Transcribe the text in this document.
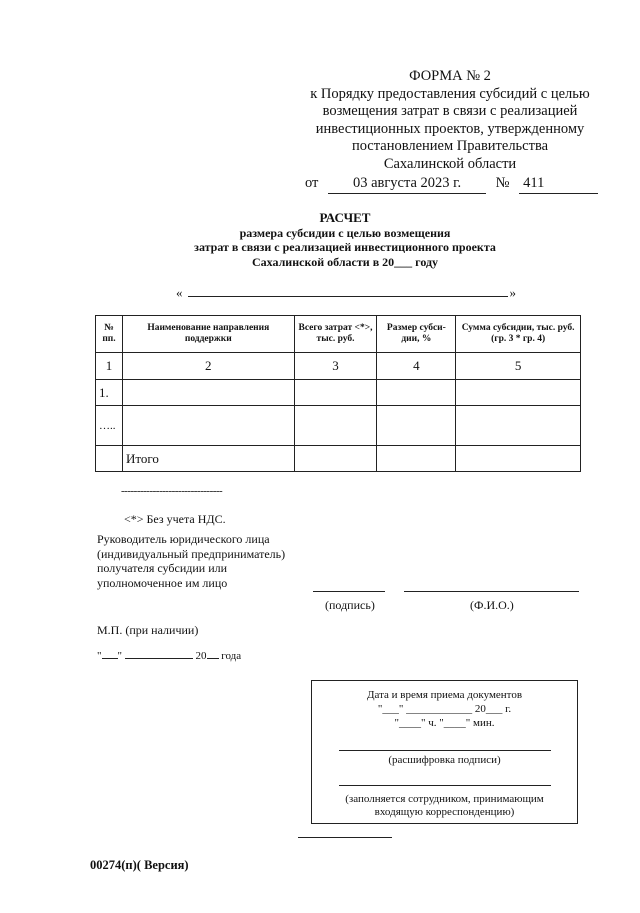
ФОРМА № 2
к Порядку предоставления субсидий с целью
возмещения затрат в связи с реализацией
инвестиционных проектов, утвержденному
постановлением Правительства
Сахалинской области
от 03 августа 2023 г. № 411
РАСЧЕТ
размера субсидии с целью возмещения
затрат в связи с реализацией инвестиционного проекта
Сахалинской области в 20___ году
«	»
№ пп.	Наименование направления поддержки	Всего затрат <*>, тыс. руб.	Размер субси-дии, %	Сумма субсидии, тыс. руб. (гр. 3 * гр. 4)
1	2	3	4	5
1.				
…..				
	Итого			
--------------------------------
<*> Без учета НДС.
Руководитель юридического лица
(индивидуальный предприниматель)
получателя субсидии или
уполномоченное им лицо
(подпись)	(Ф.И.О.)
М.П. (при наличии)
" "	20 года
Дата и время приема документов
"___" ____________ 20___ г.
"____" ч. "____" мин.
(расшифровка подписи)
(заполняется сотрудником, принимающим
входящую корреспонденцию)
00274(п)( Версия)
